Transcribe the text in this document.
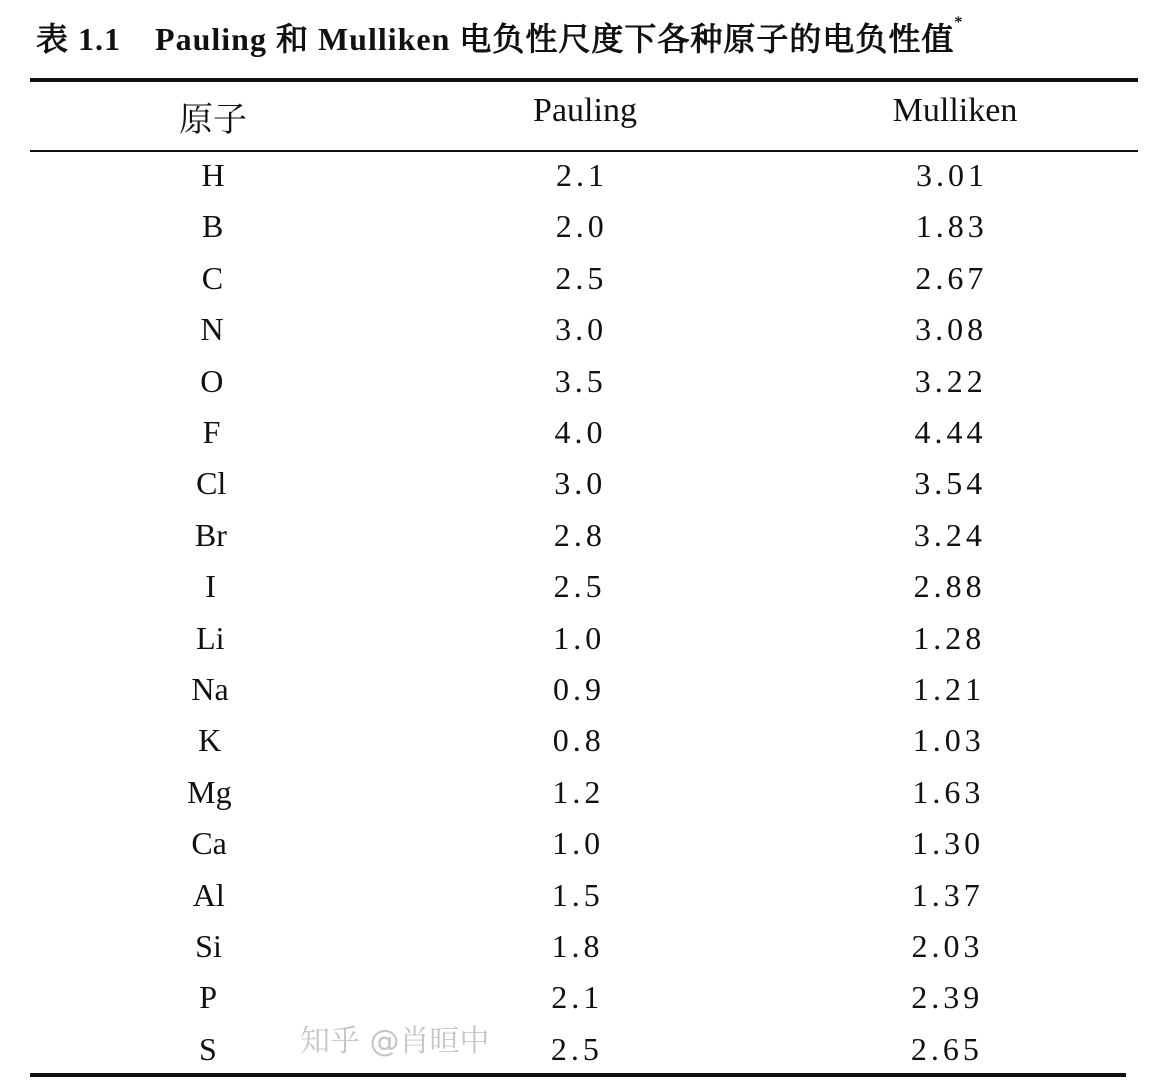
表 1.1 Pauling 和 Mulliken 电负性尺度下各种原子的电负性值*
原子	Pauling	Mulliken
H	2.1	3.01
B	2.0	1.83
C	2.5	2.67
N	3.0	3.08
O	3.5	3.22
F	4.0	4.44
Cl	3.0	3.54
Br	2.8	3.24
I	2.5	2.88
Li	1.0	1.28
Na	0.9	1.21
K	0.8	1.03
Mg	1.2	1.63
Ca	1.0	1.30
Al	1.5	1.37
Si	1.8	2.03
P	2.1	2.39
S	2.5	2.65
知乎 @肖晅中
